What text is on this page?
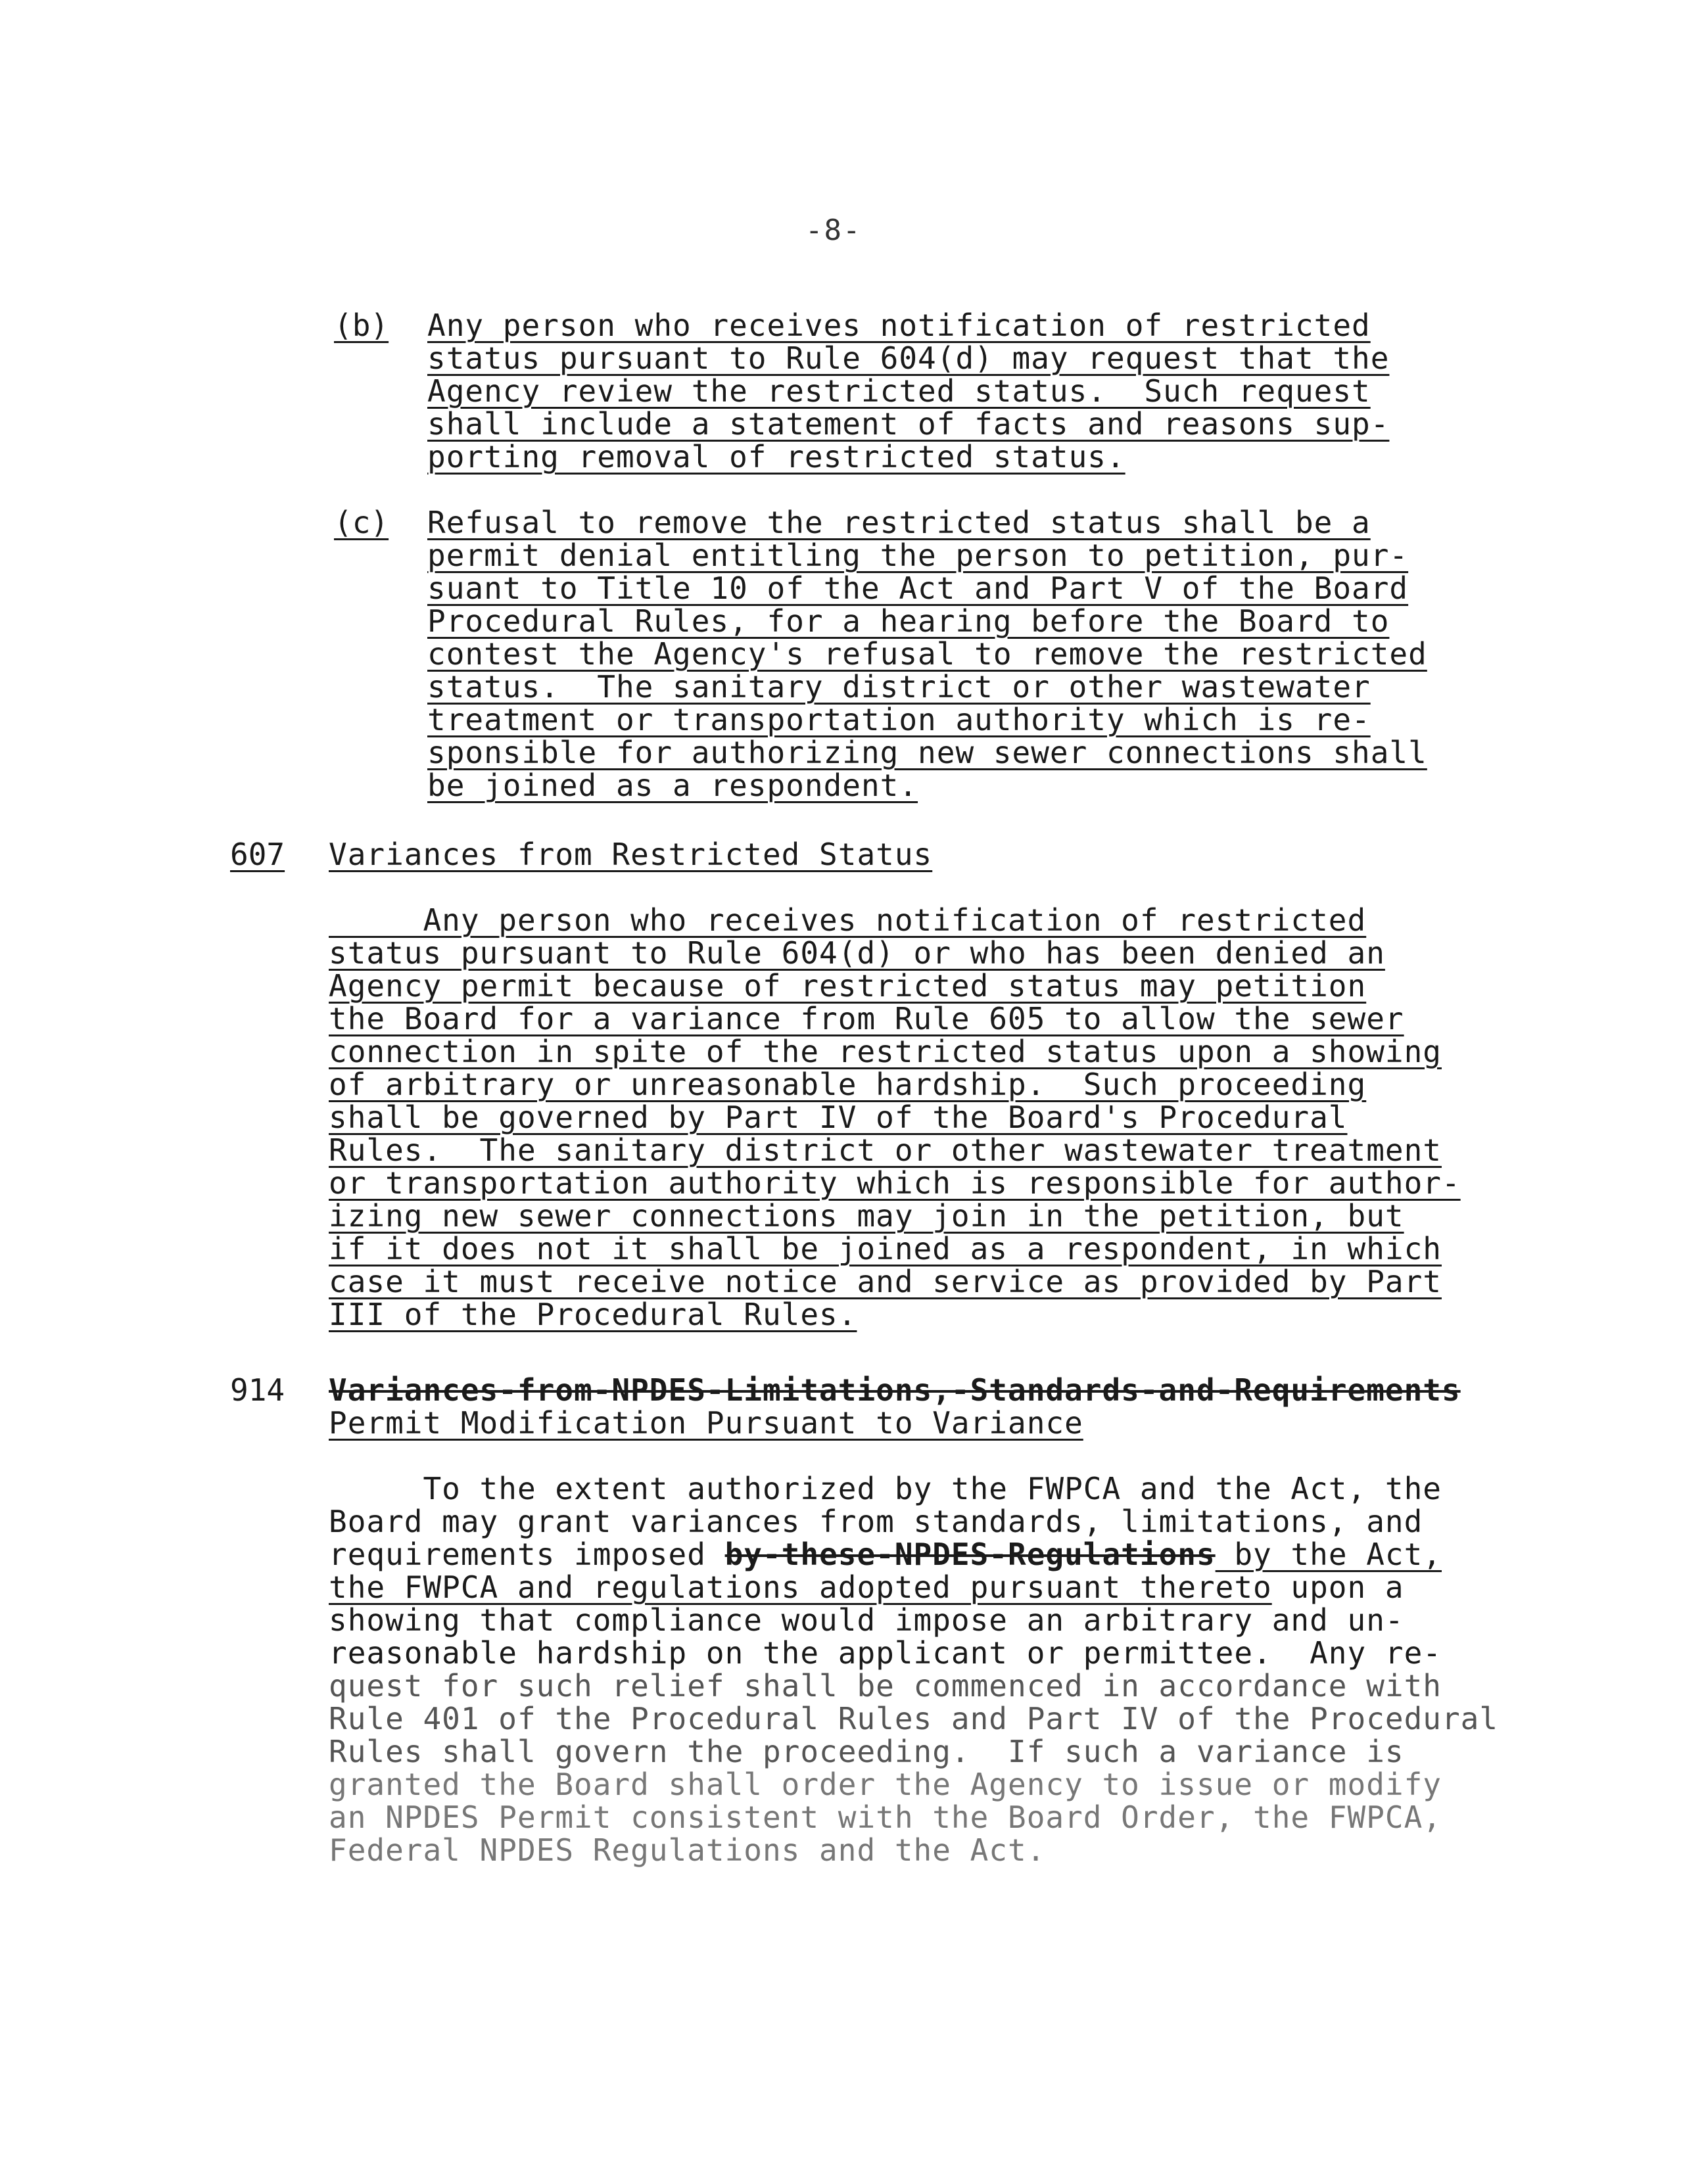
-8-
(b) Any person who receives notification of restricted
status pursuant to Rule 604(d) may request that the
Agency review the restricted status.  Such request
shall include a statement of facts and reasons sup-
porting removal of restricted status.
(c) Refusal to remove the restricted status shall be a
permit denial entitling the person to petition, pur-
suant to Title 10 of the Act and Part V of the Board
Procedural Rules, for a hearing before the Board to
contest the Agency's refusal to remove the restricted
status.  The sanitary district or other wastewater
treatment or transportation authority which is re-
sponsible for authorizing new sewer connections shall
be joined as a respondent.
607 Variances from Restricted Status
Any person who receives notification of restricted
status pursuant to Rule 604(d) or who has been denied an
Agency permit because of restricted status may petition
the Board for a variance from Rule 605 to allow the sewer
connection in spite of the restricted status upon a showing
of arbitrary or unreasonable hardship.  Such proceeding
shall be governed by Part IV of the Board's Procedural
Rules.  The sanitary district or other wastewater treatment
or transportation authority which is responsible for author-
izing new sewer connections may join in the petition, but
if it does not it shall be joined as a respondent, in which
case it must receive notice and service as provided by Part
III of the Procedural Rules.
914 Variances-from-NPDES-Limitations,-Standards-and-Requirements
Permit Modification Pursuant to Variance
To the extent authorized by the FWPCA and the Act, the
Board may grant variances from standards, limitations, and
requirements imposed by-these-NPDES-Regulations by the Act,
the FWPCA and regulations adopted pursuant thereto upon a
showing that compliance would impose an arbitrary and un-
reasonable hardship on the applicant or permittee.  Any re-
quest for such relief shall be commenced in accordance with
Rule 401 of the Procedural Rules and Part IV of the Procedural
Rules shall govern the proceeding.  If such a variance is
granted the Board shall order the Agency to issue or modify
an NPDES Permit consistent with the Board Order, the FWPCA,
Federal NPDES Regulations and the Act.
